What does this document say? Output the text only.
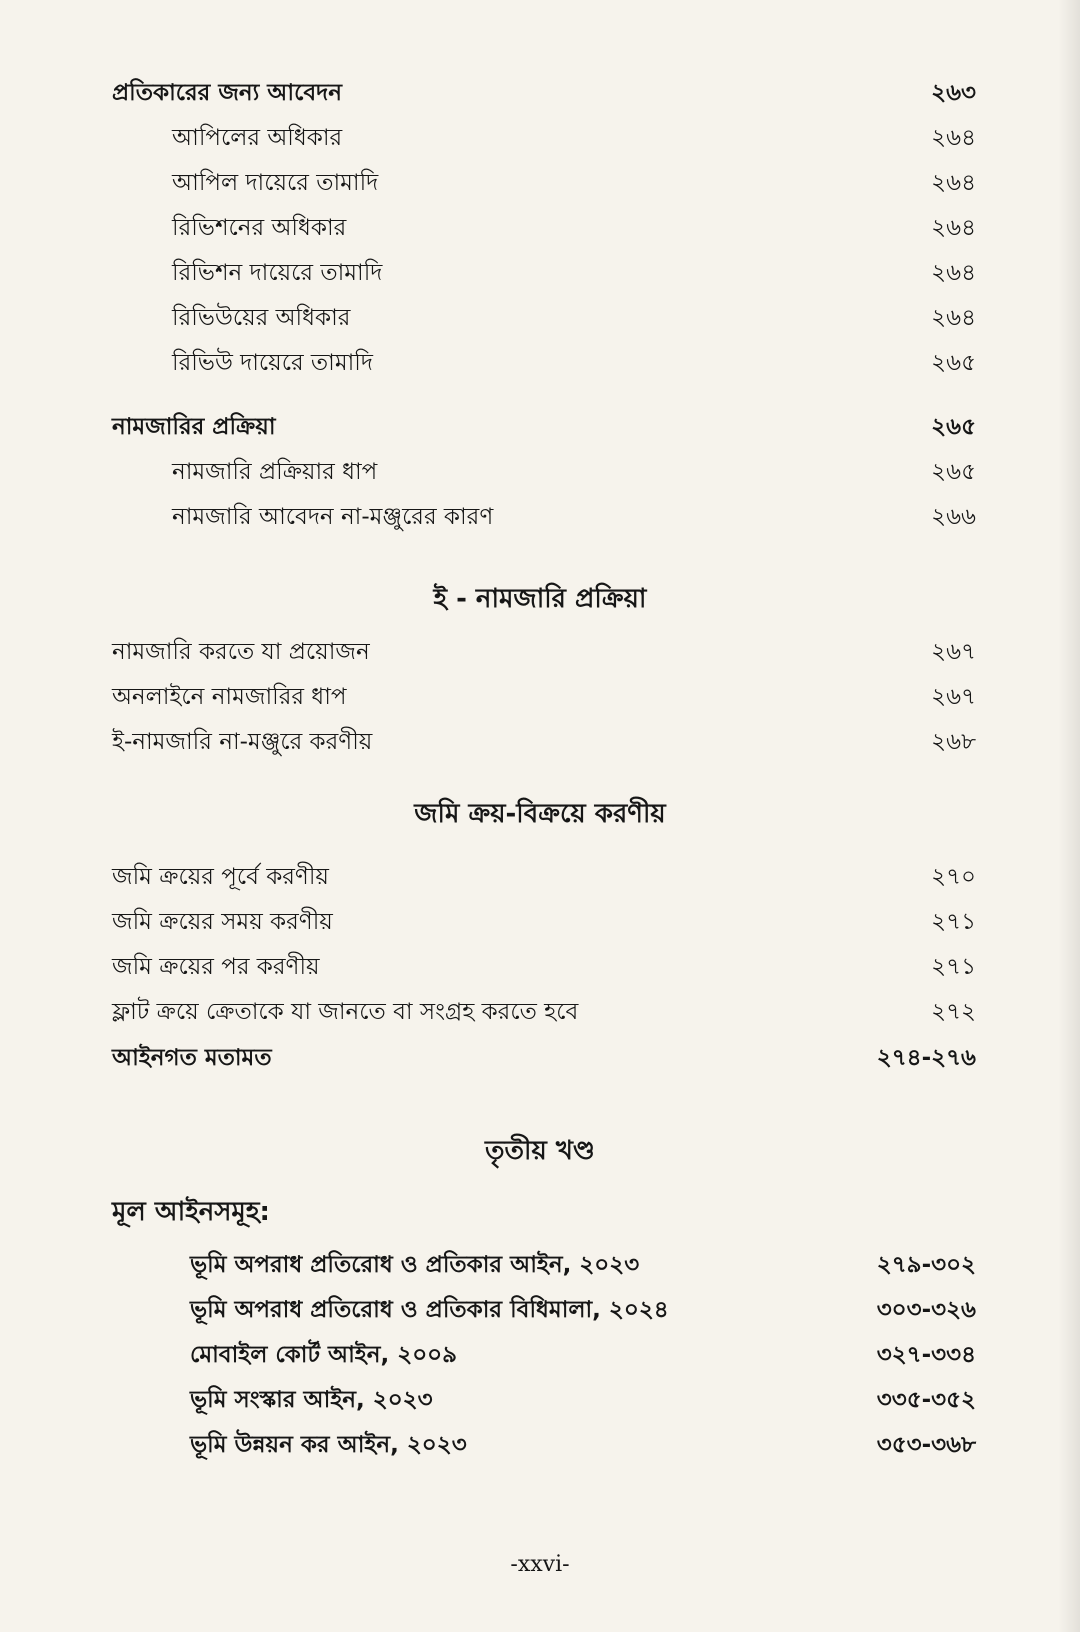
প্রতিকারের জন্য আবেদন	২৬৩
আপিলের অধিকার	২৬৪
আপিল দায়েরে তামাদি	২৬৪
রিভিশনের অধিকার	২৬৪
রিভিশন দায়েরে তামাদি	২৬৪
রিভিউয়ের অধিকার	২৬৪
রিভিউ দায়েরে তামাদি	২৬৫
নামজারির প্রক্রিয়া	২৬৫
নামজারি প্রক্রিয়ার ধাপ	২৬৫
নামজারি আবেদন না-মঞ্জুরের কারণ	২৬৬
ই - নামজারি প্রক্রিয়া
নামজারি করতে যা প্রয়োজন	২৬৭
অনলাইনে নামজারির ধাপ	২৬৭
ই-নামজারি না-মঞ্জুরে করণীয়	২৬৮
জমি ক্রয়-বিক্রয়ে করণীয়
জমি ক্রয়ের পূর্বে করণীয়	২৭০
জমি ক্রয়ের সময় করণীয়	২৭১
জমি ক্রয়ের পর করণীয়	২৭১
ফ্লাট ক্রয়ে ক্রেতাকে যা জানতে বা সংগ্রহ করতে হবে	২৭২
আইনগত মতামত	২৭৪-২৭৬
তৃতীয় খণ্ড
মূল আইনসমূহ:
ভূমি অপরাধ প্রতিরোধ ও প্রতিকার আইন, ২০২৩	২৭৯-৩০২
ভূমি অপরাধ প্রতিরোধ ও প্রতিকার বিধিমালা, ২০২৪	৩০৩-৩২৬
মোবাইল কোর্ট আইন, ২০০৯	৩২৭-৩৩৪
ভূমি সংস্কার আইন, ২০২৩	৩৩৫-৩৫২
ভূমি উন্নয়ন কর আইন, ২০২৩	৩৫৩-৩৬৮
-xxvi-
